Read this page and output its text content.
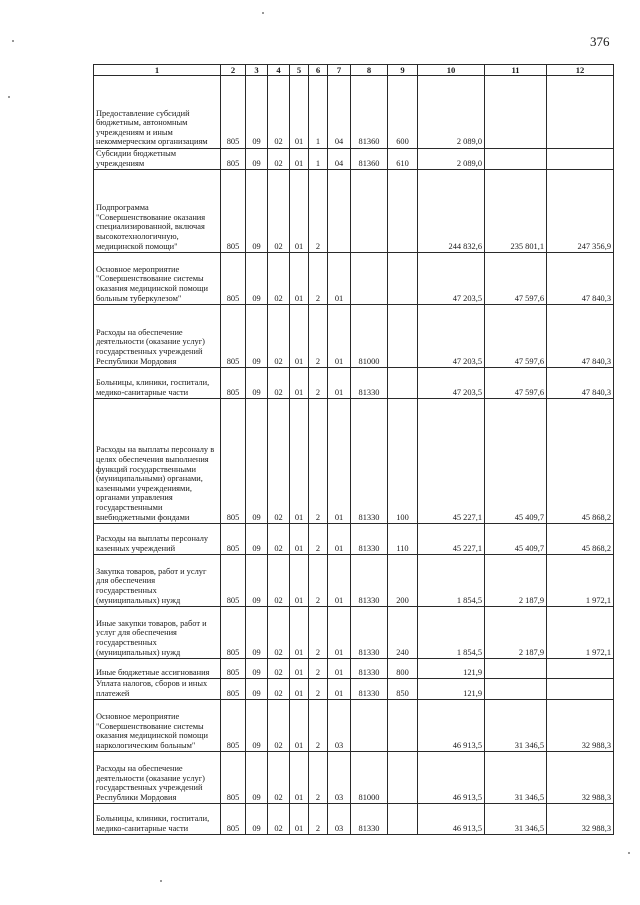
376
1	2	3	4	5	6	7	8	9	10	11	12
Предоставление субсидий бюджетным, автономным учреждениям и иным некоммерческим организациям	805	09	02	01	1	04	81360	600	2 089,0		
Субсидии бюджетным учреждениям	805	09	02	01	1	04	81360	610	2 089,0		
Подпрограмма "Совершенствование оказания специализированной, включая высокотехнологичную, медицинской помощи"	805	09	02	01	2				244 832,6	235 801,1	247 356,9
Основное мероприятие "Совершенствование системы оказания медицинской помощи больным туберкулезом"	805	09	02	01	2	01			47 203,5	47 597,6	47 840,3
Расходы на обеспечение деятельности (оказание услуг) государственных учреждений Республики Мордовия	805	09	02	01	2	01	81000		47 203,5	47 597,6	47 840,3
Больницы, клиники, госпитали, медико-санитарные части	805	09	02	01	2	01	81330		47 203,5	47 597,6	47 840,3
Расходы на выплаты персоналу в целях обеспечения выполнения функций государственными (муниципальными) органами, казенными учреждениями, органами управления государственными внебюджетными фондами	805	09	02	01	2	01	81330	100	45 227,1	45 409,7	45 868,2
Расходы на выплаты персоналу казенных учреждений	805	09	02	01	2	01	81330	110	45 227,1	45 409,7	45 868,2
Закупка товаров, работ и услуг для обеспечения государственных (муниципальных) нужд	805	09	02	01	2	01	81330	200	1 854,5	2 187,9	1 972,1
Иные закупки товаров, работ и услуг для обеспечения государственных (муниципальных) нужд	805	09	02	01	2	01	81330	240	1 854,5	2 187,9	1 972,1
Иные бюджетные ассигнования	805	09	02	01	2	01	81330	800	121,9		
Уплата налогов, сборов и иных платежей	805	09	02	01	2	01	81330	850	121,9		
Основное мероприятие "Совершенствование системы оказания медицинской помощи наркологическим больным"	805	09	02	01	2	03			46 913,5	31 346,5	32 988,3
Расходы на обеспечение деятельности (оказание услуг) государственных учреждений Республики Мордовия	805	09	02	01	2	03	81000		46 913,5	31 346,5	32 988,3
Больницы, клиники, госпитали, медико-санитарные части	805	09	02	01	2	03	81330		46 913,5	31 346,5	32 988,3
